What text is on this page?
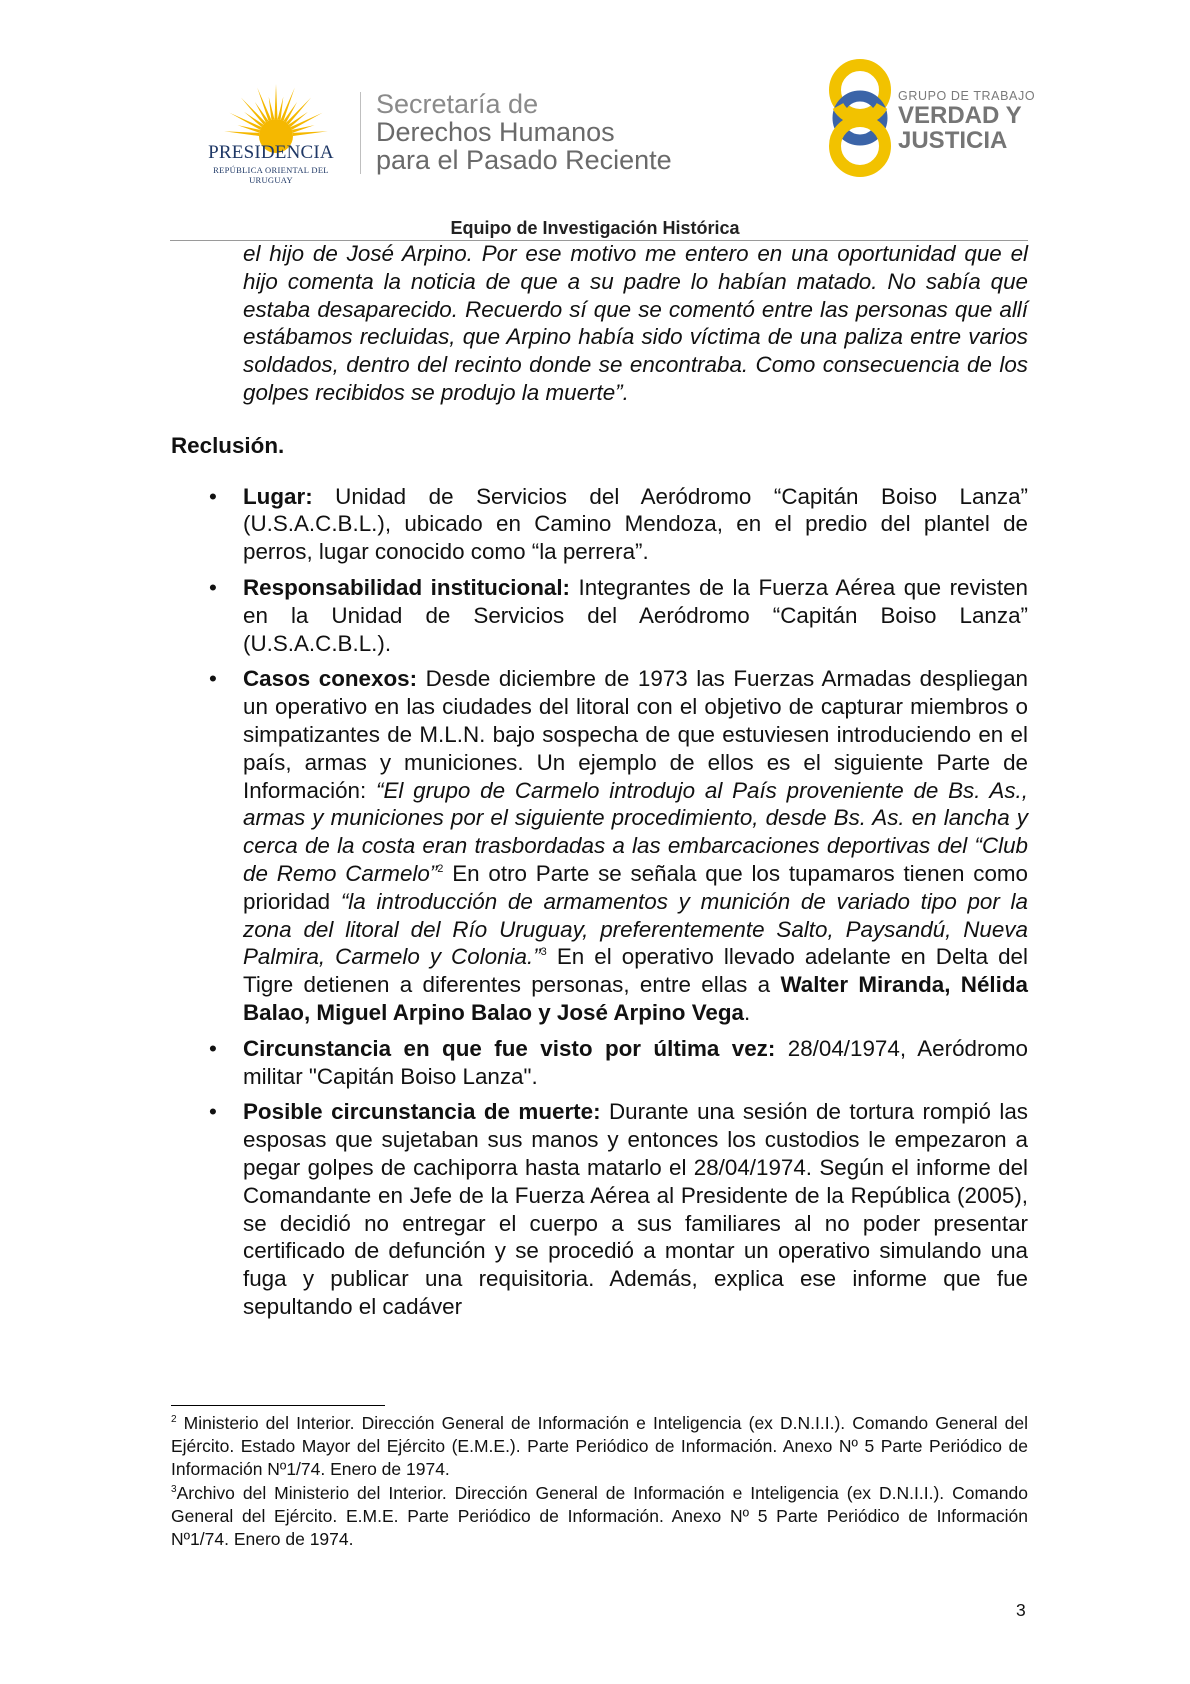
PRESIDENCIA
REPÚBLICA ORIENTAL DEL URUGUAY
Secretaría de
Derechos Humanos
para el Pasado Reciente
GRUPO DE TRABAJO
VERDAD Y
JUSTICIA
Equipo de Investigación Histórica
el hijo de José Arpino. Por ese motivo me entero en una oportunidad que el hijo comenta la noticia de que a su padre lo habían matado. No sabía que estaba desaparecido. Recuerdo sí que se comentó entre las personas que allí estábamos recluidas, que Arpino había sido víctima de una paliza entre varios soldados, dentro del recinto donde se encontraba. Como consecuencia de los golpes recibidos se produjo la muerte”.
Reclusión.
• Lugar: Unidad de Servicios del Aeródromo “Capitán Boiso Lanza” (U.S.A.C.B.L.), ubicado en Camino Mendoza, en el predio del plantel de perros, lugar conocido como “la perrera”.
• Responsabilidad institucional: Integrantes de la Fuerza Aérea que revisten en la Unidad de Servicios del Aeródromo “Capitán Boiso Lanza” (U.S.A.C.B.L.).
• Casos conexos: Desde diciembre de 1973 las Fuerzas Armadas despliegan un operativo en las ciudades del litoral con el objetivo de capturar miembros o simpatizantes de M.L.N. bajo sospecha de que estuviesen introduciendo en el país, armas y municiones. Un ejemplo de ellos es el siguiente Parte de Información: “El grupo de Carmelo introdujo al País proveniente de Bs. As., armas y municiones por el siguiente procedimiento, desde Bs. As. en lancha y cerca de la costa eran trasbordadas a las embarcaciones deportivas del “Club de Remo Carmelo”$^2$ En otro Parte se señala que los tupamaros tienen como prioridad “la introducción de armamentos y munición de variado tipo por la zona del litoral del Río Uruguay, preferentemente Salto, Paysandú, Nueva Palmira, Carmelo y Colonia.”$^3$ En el operativo llevado adelante en Delta del Tigre detienen a diferentes personas, entre ellas a Walter Miranda, Nélida Balao, Miguel Arpino Balao y José Arpino Vega.
• Circunstancia en que fue visto por última vez: 28/04/1974, Aeródromo militar "Capitán Boiso Lanza".
• Posible circunstancia de muerte: Durante una sesión de tortura rompió las esposas que sujetaban sus manos y entonces los custodios le empezaron a pegar golpes de cachiporra hasta matarlo el 28/04/1974. Según el informe del Comandante en Jefe de la Fuerza Aérea al Presidente de la República (2005), se decidió no entregar el cuerpo a sus familiares al no poder presentar certificado de defunción y se procedió a montar un operativo simulando una fuga y publicar una requisitoria. Además, explica ese informe que fue sepultando el cadáver
$^2$ Ministerio del Interior. Dirección General de Información e Inteligencia (ex D.N.I.I.). Comando General del Ejército. Estado Mayor del Ejército (E.M.E.). Parte Periódico de Información. Anexo Nº 5 Parte Periódico de Información Nº1/74. Enero de 1974.
$^3$Archivo del Ministerio del Interior. Dirección General de Información e Inteligencia (ex D.N.I.I.). Comando General del Ejército. E.M.E. Parte Periódico de Información. Anexo Nº 5 Parte Periódico de Información Nº1/74. Enero de 1974.
3
